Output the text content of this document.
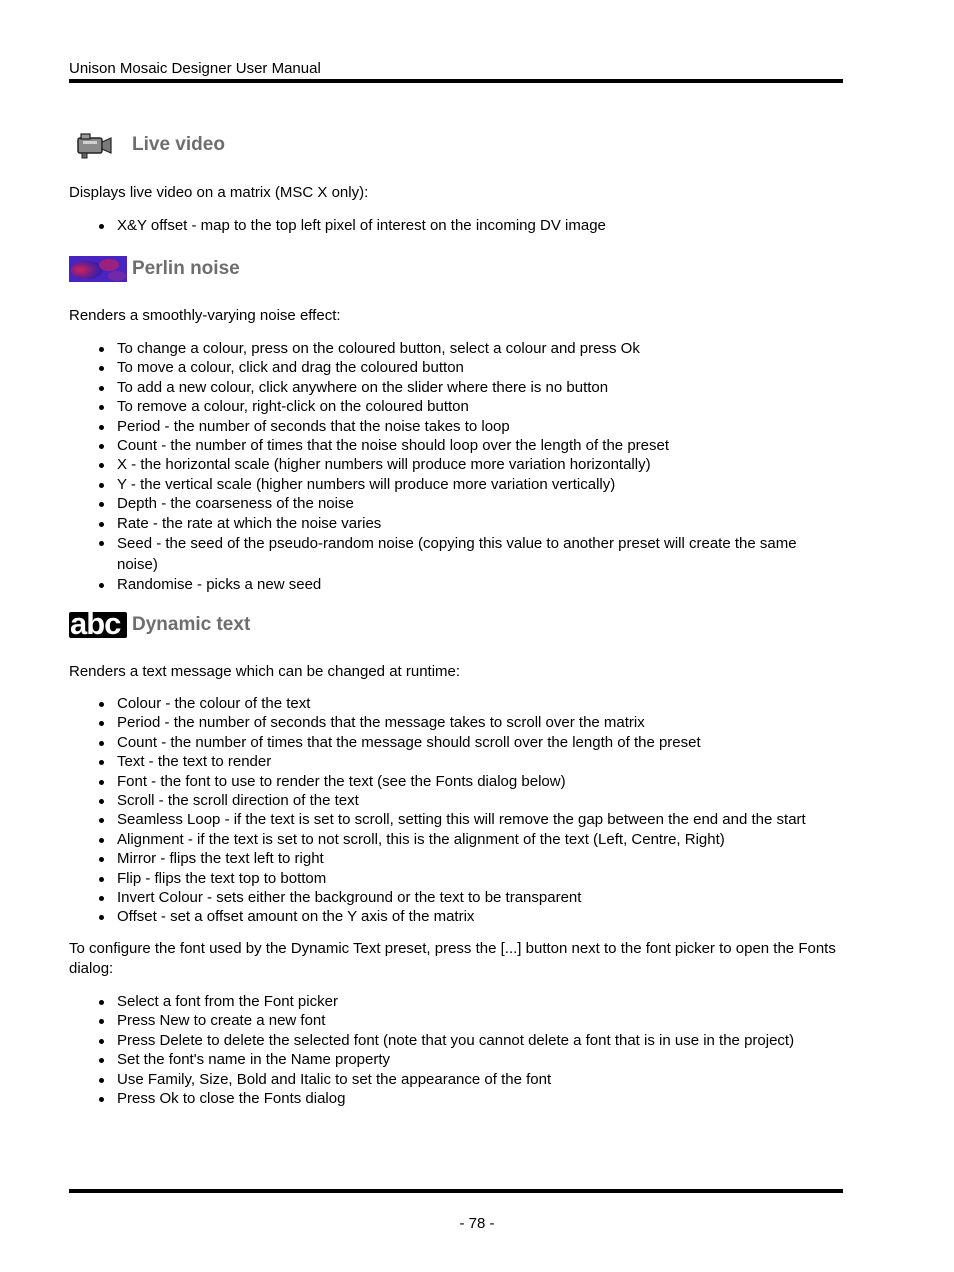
Unison Mosaic Designer User Manual
Live video
Displays live video on a matrix (MSC X only):
X&Y offset - map to the top left pixel of interest on the incoming DV image
Perlin noise
Renders a smoothly-varying noise effect:
To change a colour, press on the coloured button, select a colour and press Ok
To move a colour, click and drag the coloured button
To add a new colour, click anywhere on the slider where there is no button
To remove a colour, right-click on the coloured button
Period - the number of seconds that the noise takes to loop
Count - the number of times that the noise should loop over the length of the preset
X - the horizontal scale (higher numbers will produce more variation horizontally)
Y - the vertical scale (higher numbers will produce more variation vertically)
Depth - the coarseness of the noise
Rate - the rate at which the noise varies
Seed - the seed of the pseudo-random noise (copying this value to another preset will create the same noise)
Randomise - picks a new seed
abc Dynamic text
Renders a text message which can be changed at runtime:
Colour - the colour of the text
Period - the number of seconds that the message takes to scroll over the matrix
Count - the number of times that the message should scroll over the length of the preset
Text - the text to render
Font - the font to use to render the text (see the Fonts dialog below)
Scroll - the scroll direction of the text
Seamless Loop - if the text is set to scroll, setting this will remove the gap between the end and the start
Alignment - if the text is set to not scroll, this is the alignment of the text (Left, Centre, Right)
Mirror - flips the text left to right
Flip - flips the text top to bottom
Invert Colour - sets either the background or the text to be transparent
Offset - set a offset amount on the Y axis of the matrix
To configure the font used by the Dynamic Text preset, press the [...] button next to the font picker to open the Fonts dialog:
Select a font from the Font picker
Press New to create a new font
Press Delete to delete the selected font (note that you cannot delete a font that is in use in the project)
Set the font's name in the Name property
Use Family, Size, Bold and Italic to set the appearance of the font
Press Ok to close the Fonts dialog
- 78 -
